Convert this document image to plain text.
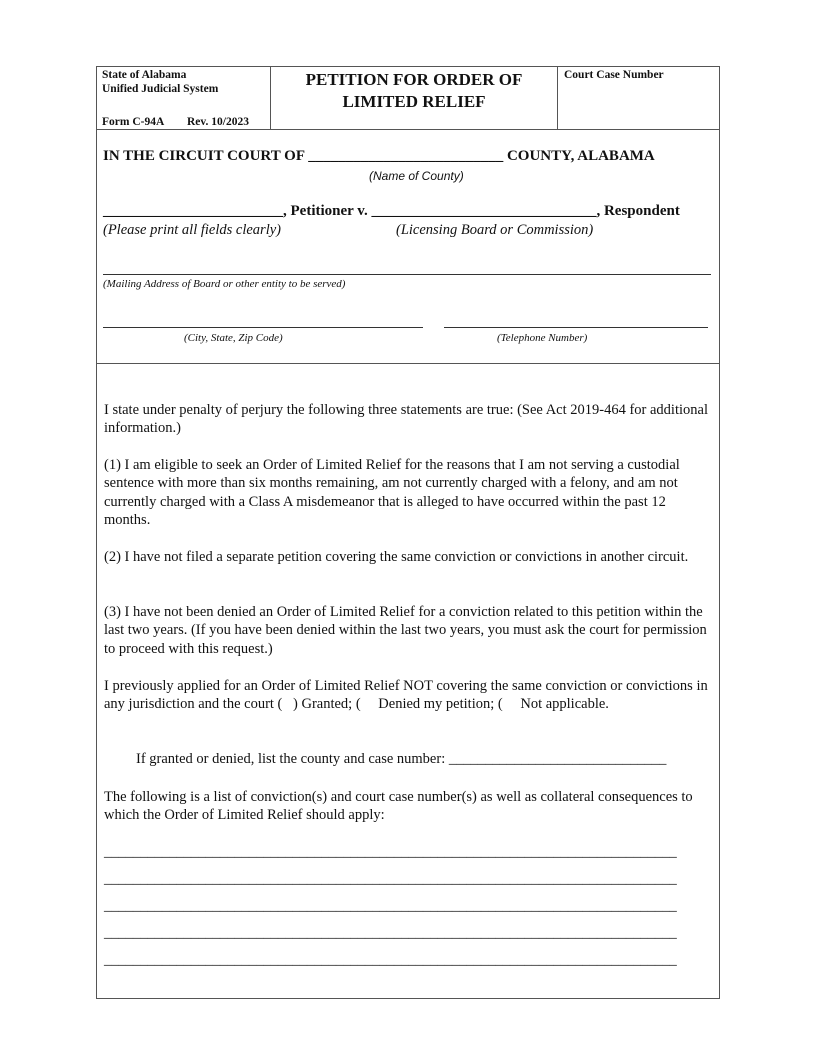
State of Alabama
Unified Judicial System
Form C-94A Rev. 10/2023
PETITION FOR ORDER OF
LIMITED RELIEF
Court Case Number
IN THE CIRCUIT COURT OF __________________________ COUNTY, ALABAMA
(Name of County)
________________________, Petitioner v. ______________________________, Respondent
(Please print all fields clearly)	(Licensing Board or Commission)
(Mailing Address of Board or other entity to be served)
(City, State, Zip Code)	(Telephone Number)

I state under penalty of perjury the following three statements are true: (See Act 2019-464 for additional information.)

(1) I am eligible to seek an Order of Limited Relief for the reasons that I am not serving a custodial sentence with more than six months remaining, am not currently charged with a felony, and am not currently charged with a Class A misdemeanor that is alleged to have occurred within the past 12 months.

(2) I have not filed a separate petition covering the same conviction or convictions in another circuit.

(3) I have not been denied an Order of Limited Relief for a conviction related to this petition within the last two years. (If you have been denied within the last two years, you must ask the court for permission to proceed with this request.)

I previously applied for an Order of Limited Relief NOT covering the same conviction or convictions in any jurisdiction and the court ( ) Granted; ( Denied my petition; ( Not applicable.

If granted or denied, list the county and case number: ______________________________

The following is a list of conviction(s) and court case number(s) as well as collateral consequences to which the Order of Limited Relief should apply:

_______________________________________________________________________________
_______________________________________________________________________________
_______________________________________________________________________________
_______________________________________________________________________________
_______________________________________________________________________________
